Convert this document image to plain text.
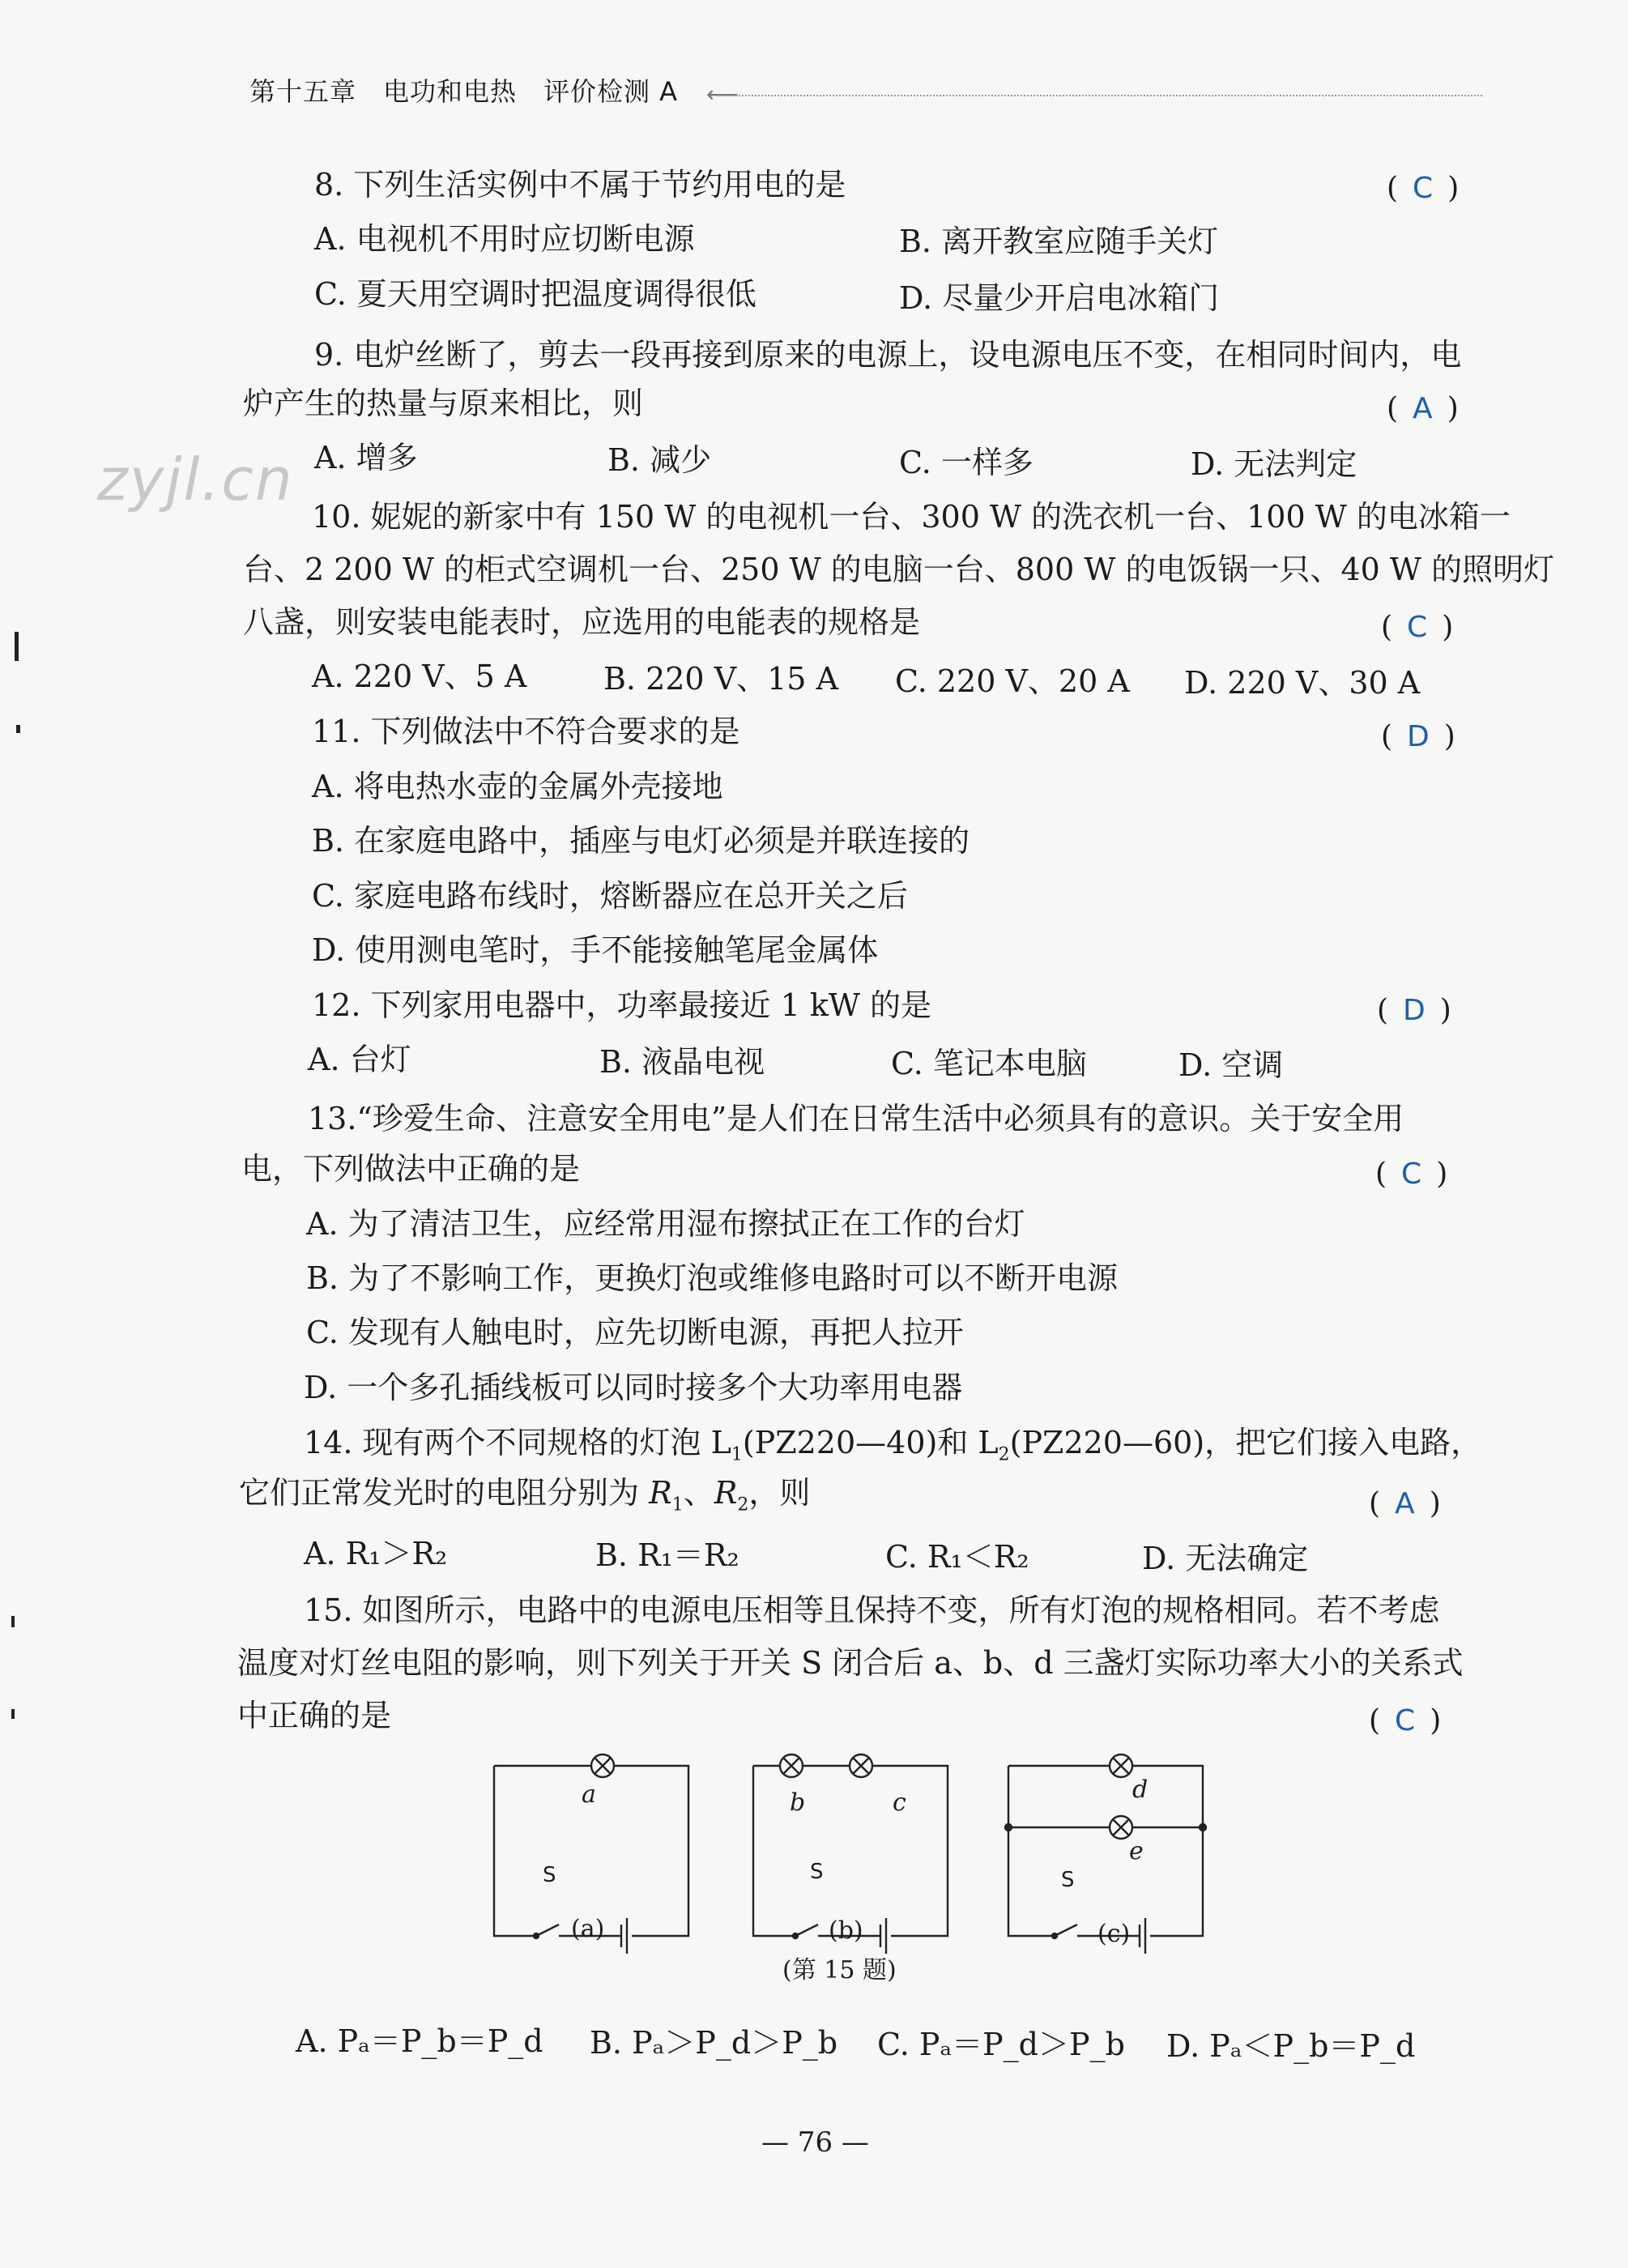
第十五章　电功和电热　评价检测 A ⟵
zyjl.cn
8. 下列生活实例中不属于节约用电的是	( C )
A. 电视机不用时应切断电源	B. 离开教室应随手关灯
C. 夏天用空调时把温度调得很低	D. 尽量少开启电冰箱门
9. 电炉丝断了，剪去一段再接到原来的电源上，设电源电压不变，在相同时间内，电
炉产生的热量与原来相比，则	( A )
A. 增多	B. 减少	C. 一样多	D. 无法判定
10. 妮妮的新家中有 150 W 的电视机一台、300 W 的洗衣机一台、100 W 的电冰箱一
台、2 200 W 的柜式空调机一台、250 W 的电脑一台、800 W 的电饭锅一只、40 W 的照明灯
八盏，则安装电能表时，应选用的电能表的规格是	( C )
A. 220 V、5 A B. 220 V、15 A C. 220 V、20 A D. 220 V、30 A
11. 下列做法中不符合要求的是	( D )
A. 将电热水壶的金属外壳接地
B. 在家庭电路中，插座与电灯必须是并联连接的
C. 家庭电路布线时，熔断器应在总开关之后
D. 使用测电笔时，手不能接触笔尾金属体
12. 下列家用电器中，功率最接近 1 kW 的是	( D )
A. 台灯	B. 液晶电视	C. 笔记本电脑	D. 空调
13.“珍爱生命、注意安全用电”是人们在日常生活中必须具有的意识。关于安全用
电，下列做法中正确的是	( C )
A. 为了清洁卫生，应经常用湿布擦拭正在工作的台灯
B. 为了不影响工作，更换灯泡或维修电路时可以不断开电源
C. 发现有人触电时，应先切断电源，再把人拉开
D. 一个多孔插线板可以同时接多个大功率用电器
14. 现有两个不同规格的灯泡 $L_1(PZ220—40)$和 $L_2(PZ220—60)$，把它们接入电路，
它们正常发光时的电阻分别为 $R_1$、$R_2$，则	( A )
A. R₁＞R₂	B. R₁＝R₂	C. R₁＜R₂	D. 无法确定
15. 如图所示，电路中的电源电压相等且保持不变，所有灯泡的规格相同。若不考虑
温度对灯丝电阻的影响，则下列关于开关 S 闭合后 a、b、d 三盏灯实际功率大小的关系式
中正确的是	( C )
a	b	c	d
e
S	S	S
(a)	(b)	(c)
(第 15 题)
A. Pₐ＝P_b＝P_d B. Pₐ＞P_d＞P_b C. Pₐ＝P_d＞P_b D. Pₐ＜P_b＝P_d
— 76 —
